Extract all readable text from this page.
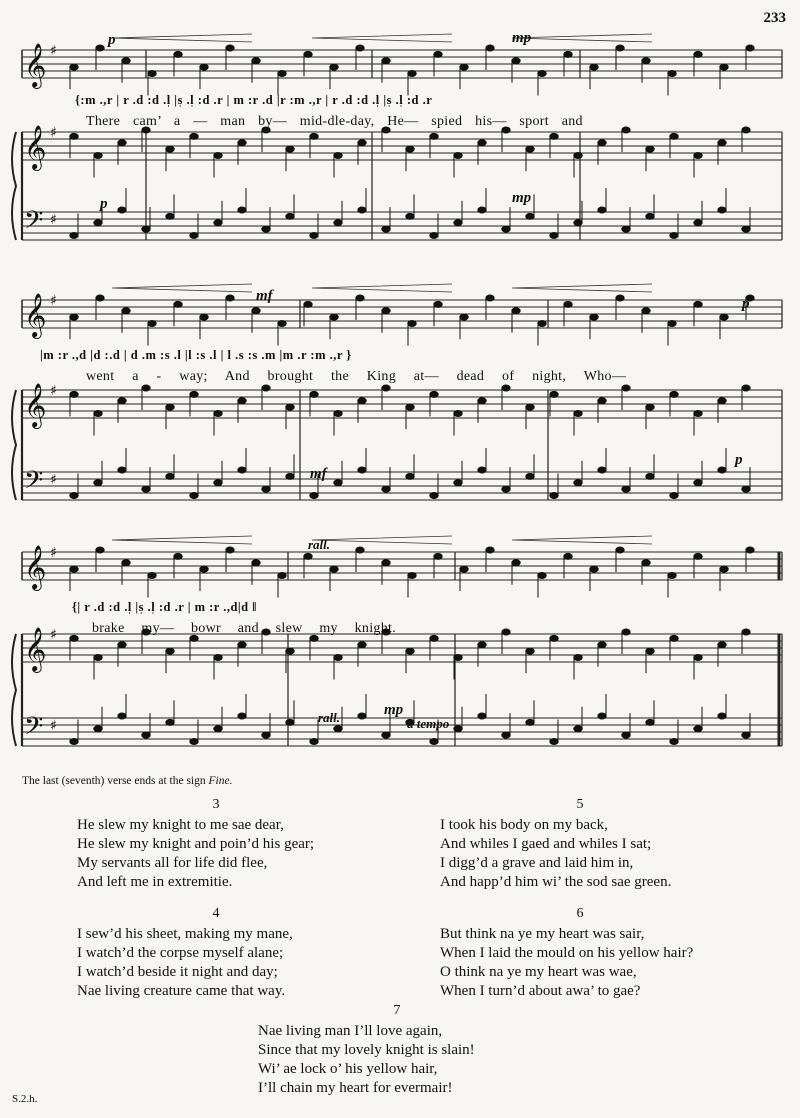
233
𝄞 ♯
𝄞 ♯
𝄢 ♯
𝄞 ♯
𝄞 ♯
𝄢 ♯
𝄞 ♯
𝄞 ♯
𝄢 ♯
p	mp
{:m .,r | r .d :d .l̩ |s̩ .l̩ :d .r | m :r .d |r :m .,r | r .d :d .l̩ |s̩ .l̩ :d .r
There cam’ a — man by— mid-dle-day, He— spied his— sport and
p	mp
mf	p
|m :r .,d |d :.d | d .m :s .l |l :s .l | l .s :s .m |m .r :m .,r }
went a - way; And brought the King at— dead of night, Who—
mf
p
rall.
{| r .d :d .l̩ |s̩ .l̩ :d .r | m :r .,d|d ‖
brake my— bowr and slew my knight.
rall.	mp
a tempo
The last (seventh) verse ends at the sign Fine.
3
He slew my knight to me sae dear,
He slew my knight and poin’d his gear;
My servants all for life did flee,
And left me in extremitie.
5
I took his body on my back,
And whiles I gaed and whiles I sat;
I digg’d a grave and laid him in,
And happ’d him wi’ the sod sae green.
4
I sew’d his sheet, making my mane,
I watch’d the corpse myself alane;
I watch’d beside it night and day;
Nae living creature came that way.
6
But think na ye my heart was sair,
When I laid the mould on his yellow hair?
O think na ye my heart was wae,
When I turn’d about awa’ to gae?
7
Nae living man I’ll love again,
Since that my lovely knight is slain!
Wi’ ae lock o’ his yellow hair,
I’ll chain my heart for evermair!
S.2.h.
